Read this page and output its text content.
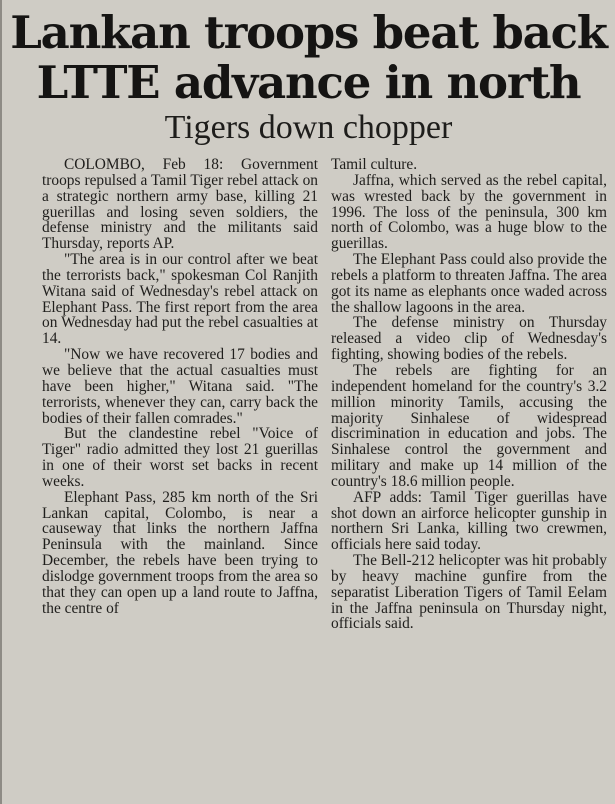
Lankan troops beat back LTTE advance in north
Tigers down chopper

COLOMBO, Feb 18: Government troops repulsed a Tamil Tiger rebel attack on a strategic northern army base, killing 21 guerillas and losing seven soldiers, the defense ministry and the militants said Thursday, reports AP.

"The area is in our control after we beat the terrorists back," spokesman Col Ranjith Witana said of Wednesday's rebel attack on Elephant Pass. The first report from the area on Wednesday had put the rebel casualties at 14.

"Now we have recovered 17 bodies and we believe that the actual casualties must have been higher," Witana said. "The terrorists, whenever they can, carry back the bodies of their fallen comrades."

But the clandestine rebel "Voice of Tiger" radio admitted they lost 21 guerillas in one of their worst set backs in recent weeks.

Elephant Pass, 285 km north of the Sri Lankan capital, Colombo, is near a causeway that links the northern Jaffna Peninsula with the mainland. Since December, the rebels have been trying to dislodge government troops from the area so that they can open up a land route to Jaffna, the centre of

Tamil culture.

Jaffna, which served as the rebel capital, was wrested back by the government in 1996. The loss of the peninsula, 300 km north of Colombo, was a huge blow to the guerillas.

The Elephant Pass could also provide the rebels a platform to threaten Jaffna. The area got its name as elephants once waded across the shallow lagoons in the area.

The defense ministry on Thursday released a video clip of Wednesday's fighting, showing bodies of the rebels.

The rebels are fighting for an independent homeland for the country's 3.2 million minority Tamils, accusing the majority Sinhalese of widespread discrimination in education and jobs. The Sinhalese control the government and military and make up 14 million of the country's 18.6 million people.

AFP adds: Tamil Tiger guerillas have shot down an airforce helicopter gunship in northern Sri Lanka, killing two crewmen, officials here said today.

The Bell-212 helicopter was hit probably by heavy machine gunfire from the separatist Liberation Tigers of Tamil Eelam in the Jaffna peninsula on Thursday night, officials said.
